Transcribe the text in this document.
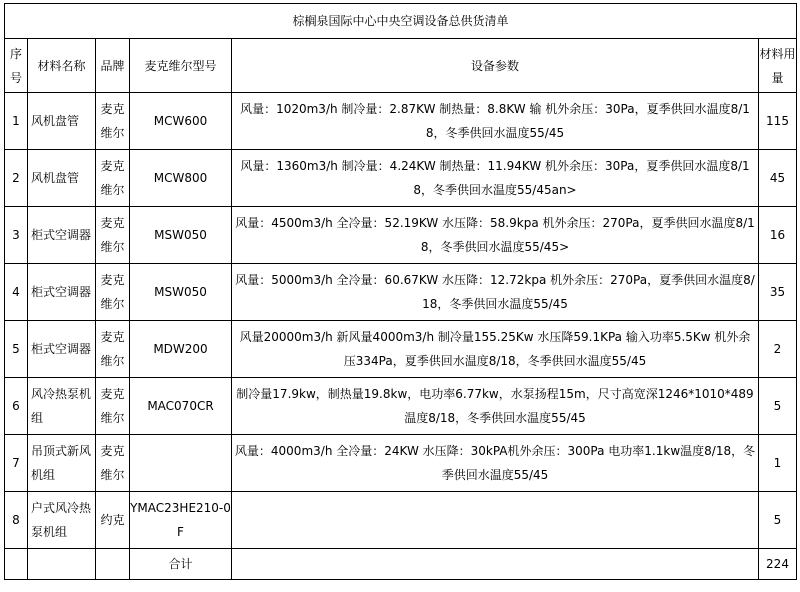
棕榈泉国际中心中央空调设备总供货清单					
序号	材料名称	品牌	麦克维尔型号	设备参数	材料用量
1	风机盘管	麦克维尔	MCW600	风量：1020m3/h 制冷量：2.87KW 制热量：8.8KW 输 机外余压：30Pa，夏季供回水温度8/18，冬季供回水温度55/45	115
2	风机盘管	麦克维尔	MCW800	风量：1360m3/h 制冷量：4.24KW 制热量：11.94KW 机外余压：30Pa，夏季供回水温度8/18，冬季供回水温度55/45an>	45
3	柜式空调器	麦克维尔	MSW050	风量：4500m3/h 全冷量：52.19KW 水压降：58.9kpa 机外余压：270Pa，夏季供回水温度8/18，冬季供回水温度55/45>	16
4	柜式空调器	麦克维尔	MSW050	风量：5000m3/h 全冷量：60.67KW 水压降：12.72kpa 机外余压：270Pa，夏季供回水温度8/18，冬季供回水温度55/45	35
5	柜式空调器	麦克维尔	MDW200	风量20000m3/h 新风量4000m3/h 制冷量155.25Kw 水压降59.1KPa 输入功率5.5Kw 机外余压334Pa，夏季供回水温度8/18，冬季供回水温度55/45	2
6	风冷热泵机组	麦克维尔	MAC070CR	制冷量17.9kw，制热量19.8kw，电功率6.77kw，水泵扬程15m，尺寸高宽深1246*1010*489温度8/18，冬季供回水温度55/45	5
7	吊顶式新风机组	麦克维尔		风量：4000m3/h 全冷量：24KW 水压降：30kPA机外余压：300Pa 电功率1.1kw温度8/18，冬季供回水温度55/45	1
8	户式风冷热泵机组	约克	YMAC23HE210-0F		5
			合计		224
